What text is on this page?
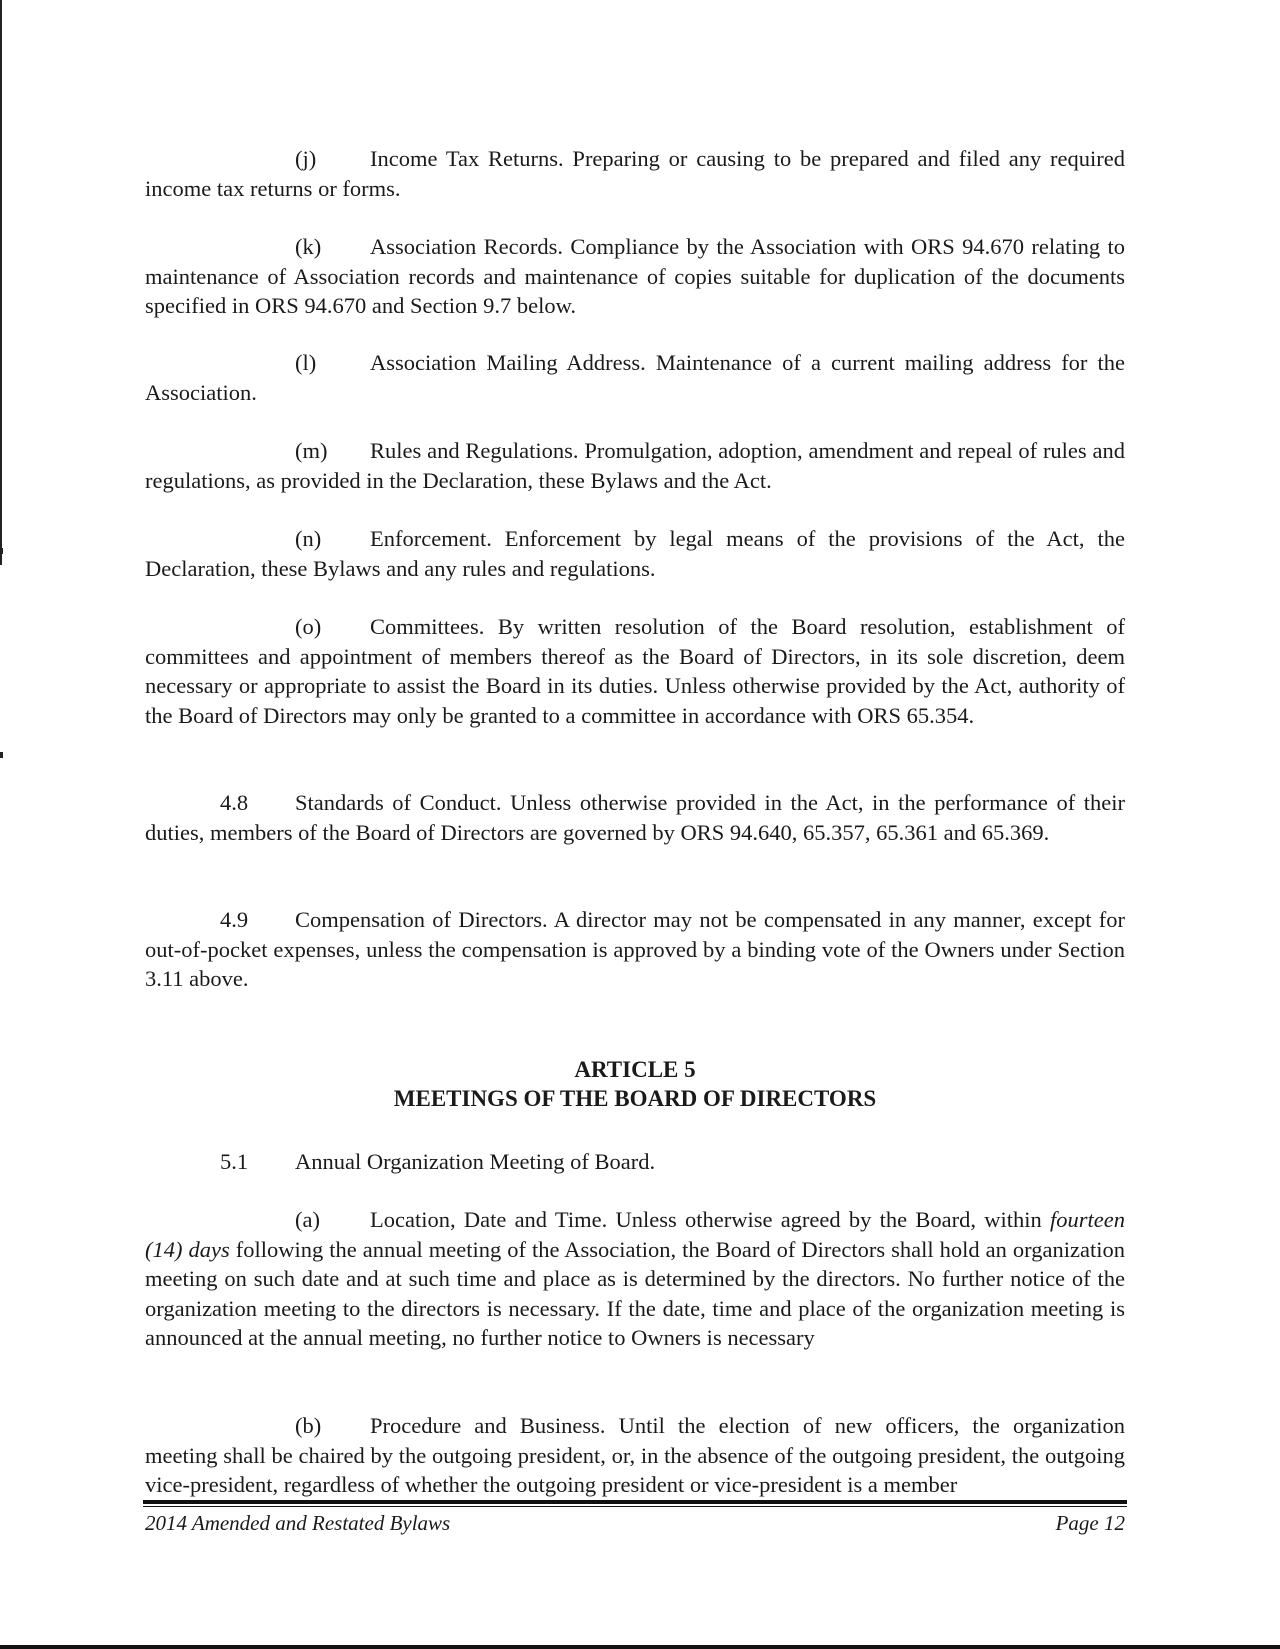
(j) Income Tax Returns. Preparing or causing to be prepared and filed any required income tax returns or forms.

(k) Association Records. Compliance by the Association with ORS 94.670 relating to maintenance of Association records and maintenance of copies suitable for duplication of the documents specified in ORS 94.670 and Section 9.7 below.

(l) Association Mailing Address. Maintenance of a current mailing address for the Association.

(m) Rules and Regulations. Promulgation, adoption, amendment and repeal of rules and regulations, as provided in the Declaration, these Bylaws and the Act.

(n) Enforcement. Enforcement by legal means of the provisions of the Act, the Declaration, these Bylaws and any rules and regulations.

(o) Committees. By written resolution of the Board resolution, establishment of committees and appointment of members thereof as the Board of Directors, in its sole discretion, deem necessary or appropriate to assist the Board in its duties. Unless otherwise provided by the Act, authority of the Board of Directors may only be granted to a committee in accordance with ORS 65.354.

4.8 Standards of Conduct. Unless otherwise provided in the Act, in the performance of their duties, members of the Board of Directors are governed by ORS 94.640, 65.357, 65.361 and 65.369.

4.9 Compensation of Directors. A director may not be compensated in any manner, except for out-of-pocket expenses, unless the compensation is approved by a binding vote of the Owners under Section 3.11 above.

ARTICLE 5
MEETINGS OF THE BOARD OF DIRECTORS

5.1 Annual Organization Meeting of Board.

(a) Location, Date and Time. Unless otherwise agreed by the Board, within fourteen (14) days following the annual meeting of the Association, the Board of Directors shall hold an organization meeting on such date and at such time and place as is determined by the directors. No further notice of the organization meeting to the directors is necessary. If the date, time and place of the organization meeting is announced at the annual meeting, no further notice to Owners is necessary

(b) Procedure and Business. Until the election of new officers, the organization meeting shall be chaired by the outgoing president, or, in the absence of the outgoing president, the outgoing vice-president, regardless of whether the outgoing president or vice-president is a member

2014 Amended and Restated Bylaws	Page 12
